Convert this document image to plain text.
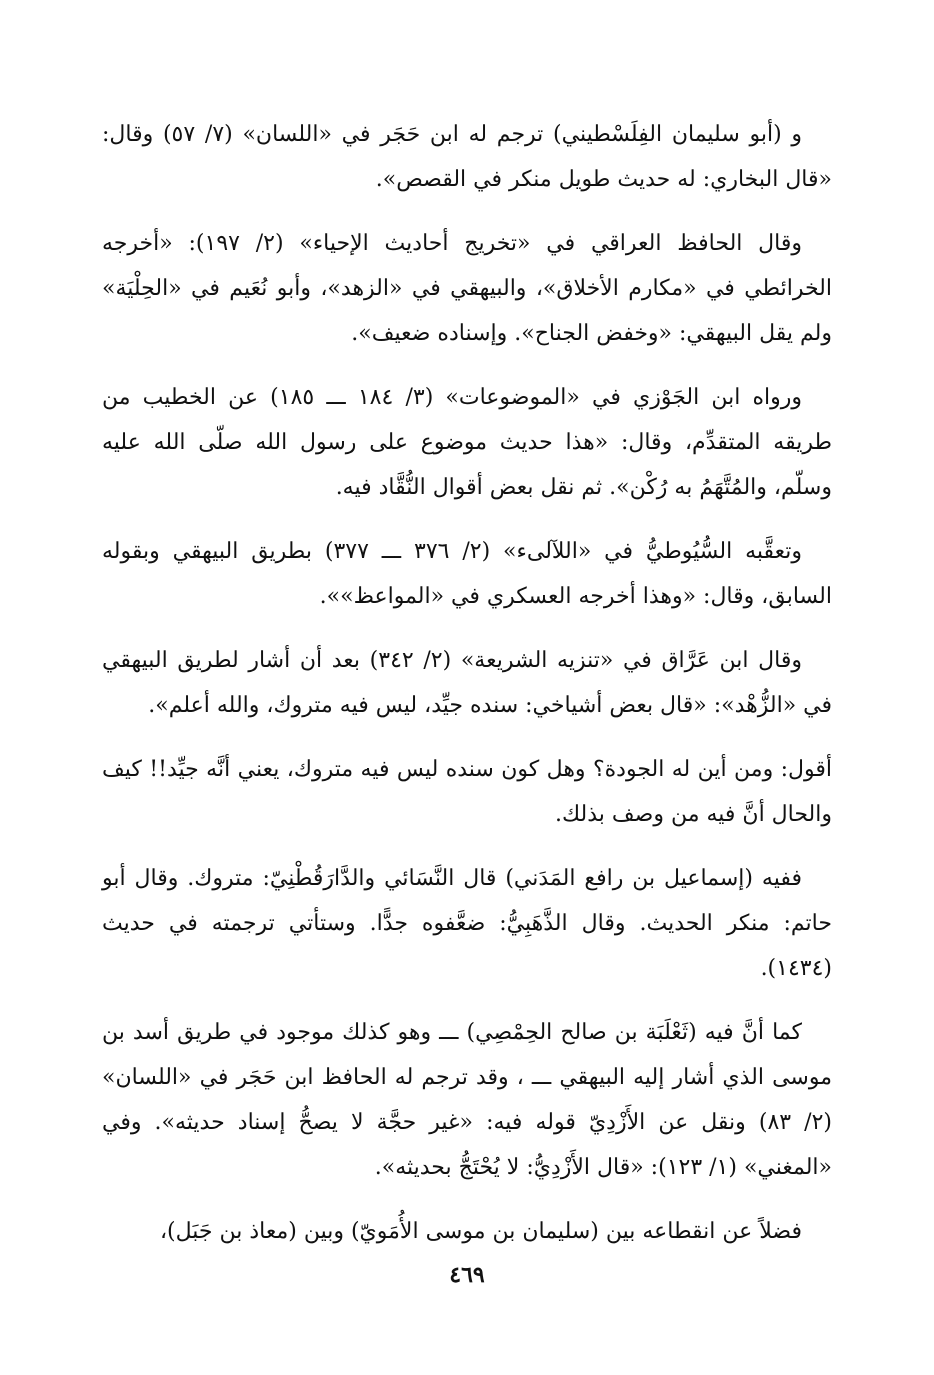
و (أبو سليمان الفِلَسْطيني) ترجم له ابن حَجَر في «اللسان» (٧/ ٥٧) وقال: «قال البخاري: له حديث طويل منكر في القصص».

وقال الحافظ العراقي في «تخريج أحاديث الإحياء» (٢/ ١٩٧): «أخرجه الخرائطي في «مكارم الأخلاق»، والبيهقي في «الزهد»، وأبو نُعَيم في «الحِلْيَة» ولم يقل البيهقي: «وخفض الجناح». وإسناده ضعيف».

ورواه ابن الجَوْزي في «الموضوعات» (٣/ ١٨٤ ـــ ١٨٥) عن الخطيب من طريقه المتقدِّم، وقال: «هذا حديث موضوع على رسول الله صلّى الله عليه وسلّم، والمُتَّهَمُ به رُكْن». ثم نقل بعض أقوال النُّقَّاد فيه.

وتعقَّبه السُّيُوطيُّ في «اللآلىء» (٢/ ٣٧٦ ـــ ٣٧٧) بطريق البيهقي وبقوله السابق، وقال: «وهذا أخرجه العسكري في «المواعظ»».

وقال ابن عَرَّاق في «تنزيه الشريعة» (٢/ ٣٤٢) بعد أن أشار لطريق البيهقي في «الزُّهْد»: «قال بعض أشياخي: سنده جيِّد، ليس فيه متروك، والله أعلم».

أقول: ومن أين له الجودة؟ وهل كون سنده ليس فيه متروك، يعني أنَّه جيِّد!! كيف والحال أنَّ فيه من وصف بذلك.

ففيه (إسماعيل بن رافع المَدَني) قال النَّسَائي والدَّارَقُطْنِيّ: متروك. وقال أبو حاتم: منكر الحديث. وقال الذَّهَبِيُّ: ضعَّفوه جدًّا. وستأتي ترجمته في حديث (١٤٣٤).

كما أنَّ فيه (ثَعْلَبَة بن صالح الحِمْصِي) ـــ وهو كذلك موجود في طريق أسد بن موسى الذي أشار إليه البيهقي ـــ ، وقد ترجم له الحافظ ابن حَجَر في «اللسان» (٢/ ٨٣) ونقل عن الأَزْدِيّ قوله فيه: «غير حجَّة لا يصحُّ إسناد حديثه». وفي «المغني» (١/ ١٢٣): «قال الأَزْدِيُّ: لا يُحْتَجُّ بحديثه».

فضلاً عن انقطاعه بين (سليمان بن موسى الأُمَويّ) وبين (معاذ بن جَبَل)،

٤٦٩
